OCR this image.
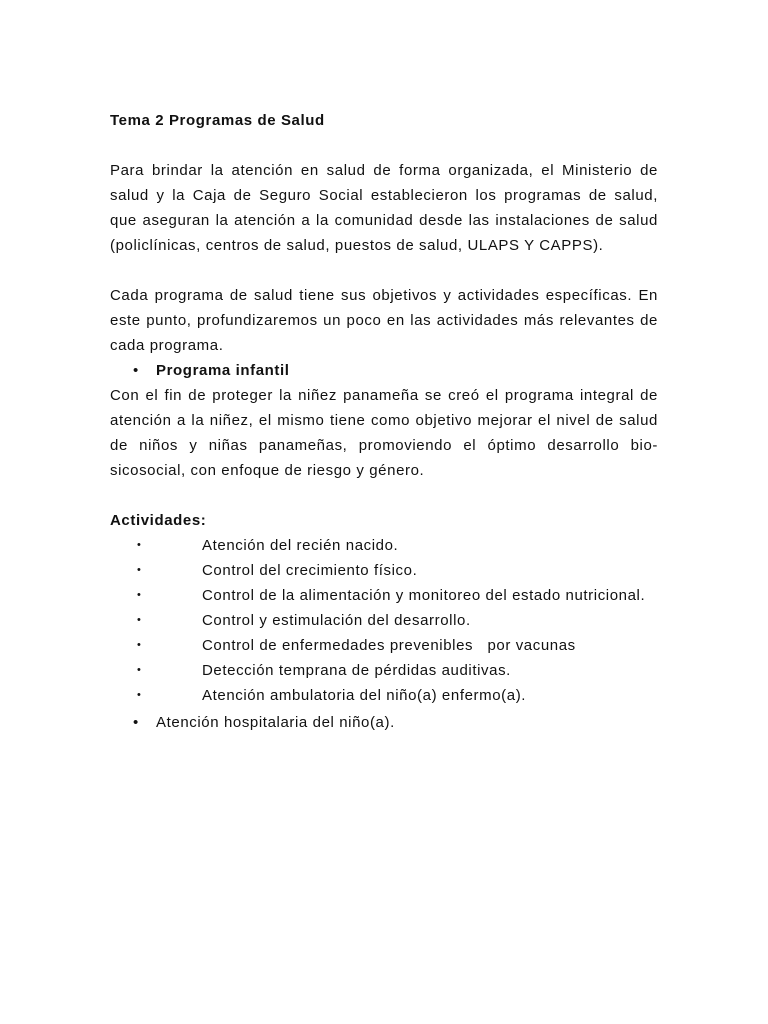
Tema 2 Programas de Salud
Para brindar la atención en salud de forma organizada, el Ministerio de salud y la Caja de Seguro Social establecieron los programas de salud, que aseguran la atención a la comunidad desde las instalaciones de salud (policlínicas, centros de salud, puestos de salud, ULAPS Y CAPPS).
Cada programa de salud tiene sus objetivos y actividades específicas. En este punto, profundizaremos un poco en las actividades más relevantes de cada programa.
• Programa infantil
Con el fin de proteger la niñez panameña se creó el programa integral de atención a la niñez, el mismo tiene como objetivo mejorar el nivel de salud de niños y niñas panameñas, promoviendo el óptimo desarrollo bio-sicosocial, con enfoque de riesgo y género.
Actividades:
•	Atención del recién nacido.
•	Control del crecimiento físico.
•	Control de la alimentación y monitoreo del estado nutricional.
•	Control y estimulación del desarrollo.
•	Control de enfermedades prevenibles   por vacunas
•	Detección temprana de pérdidas auditivas.
•	Atención ambulatoria del niño(a) enfermo(a).
• Atención hospitalaria del niño(a).
